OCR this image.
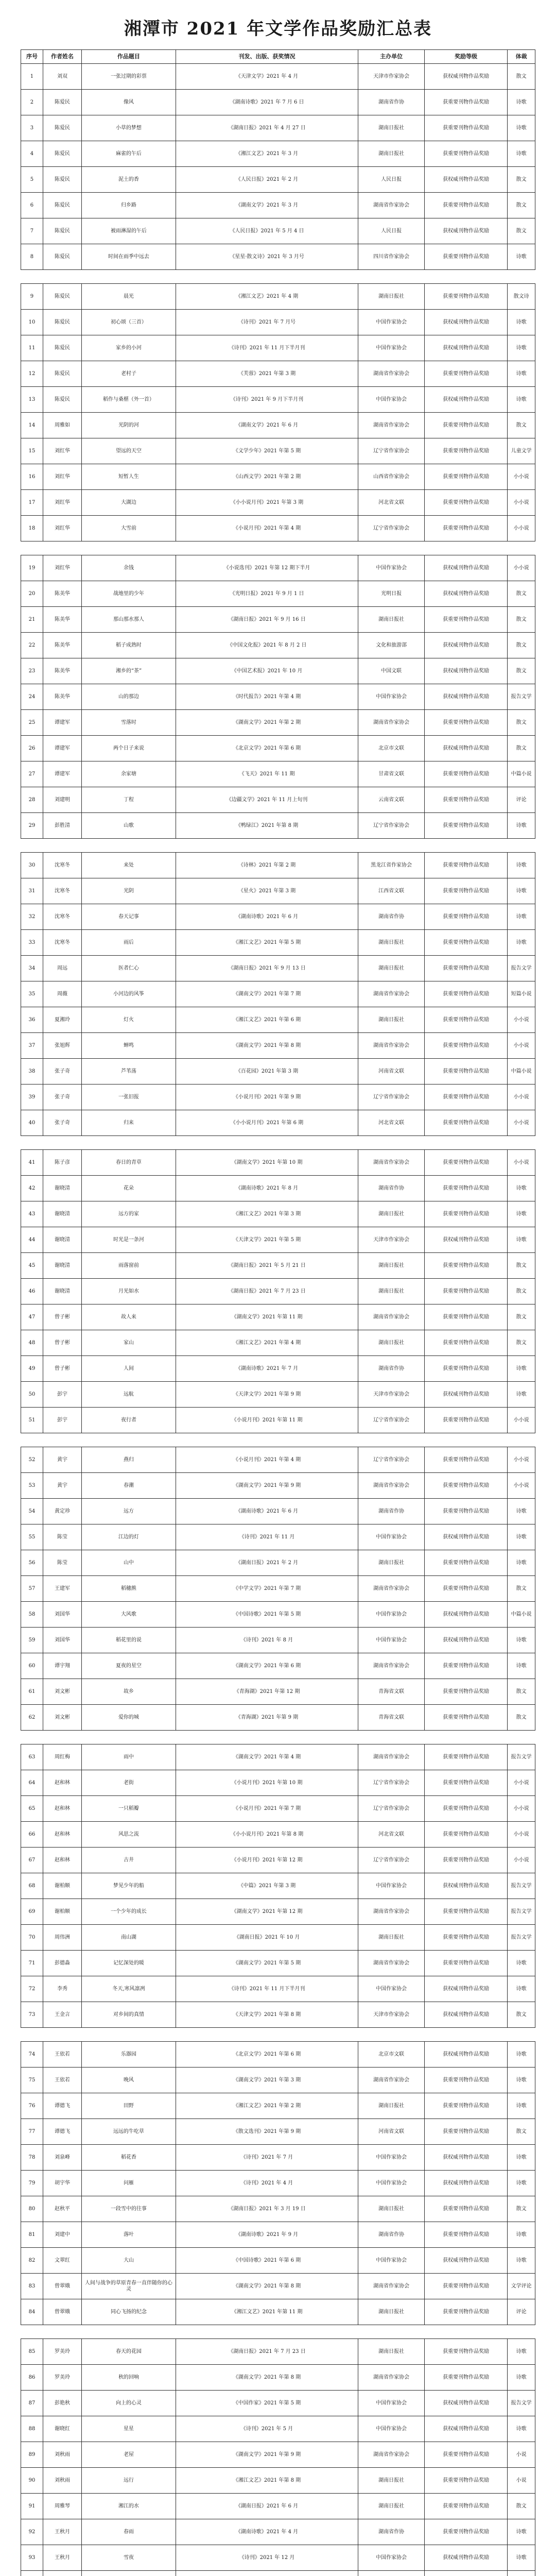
湘潭市 2021 年文学作品奖励汇总表
序号	作者姓名	作品题目	刊发、出版、获奖情况	主办单位	奖励等级	体裁
1	刘双	一张过期的彩票	《天津文学》2021 年 4 月	天津市作家协会	获权威刊物作品奖励	散文
2	陈爱民	像风	《湖南诗歌》2021 年 7 月 6 日	湖南省作协	获重要刊物作品奖励	诗歌
3	陈爱民	小草的梦想	《湖南日报》2021 年 4 月 27 日	湖南日报社	获重要刊物作品奖励	诗歌
4	陈爱民	麻雀的午后	《湘江文艺》2021 年 3 月	湖南日报社	获重要刊物作品奖励	诗歌
5	陈爱民	泥土的香	《人民日报》2021 年 2 月	人民日报	获权威刊物作品奖励	散文
6	陈爱民	归乡路	《湖南文学》2021 年 3 月	湖南省作家协会	获重要刊物作品奖励	散文
7	陈爱民	被雨淋湿的午后	《人民日报》2021 年 5 月 4 日	人民日报	获权威刊物作品奖励	散文
8	陈爱民	时间在雨季中远去	《星星·散文诗》2021 年 3 月号	四川省作家协会	获重要刊物作品奖励	诗歌

9	陈爱民	晨光	《湘江文艺》2021 年 4 期	湖南日报社	获重要刊物作品奖励	散文诗
10	陈爱民	初心颂（三首）	《诗刊》2021 年 7 月号	中国作家协会	获权威刊物作品奖励	诗歌
11	陈爱民	家乡的小河	《诗刊》2021 年 11 月下半月刊	中国作家协会	获权威刊物作品奖励	诗歌
12	陈爱民	老村子	《芙蓉》2021 年第 3 期	湖南省作家协会	获重要刊物作品奖励	诗歌
13	陈爱民	稻作与桑椹（外一首）	《诗刊》2021 年 9 月下半月刊	中国作家协会	获权威刊物作品奖励	诗歌
14	周雅如	光阴的河	《湖南文学》2021 年 6 月	湖南省作家协会	获重要刊物作品奖励	散文
15	刘红华	望远的天空	《文学少年》2021 年第 5 期	辽宁省作家协会	获重要刊物作品奖励	儿童文学
16	刘红华	短暂人生	《山西文学》2021 年第 2 期	山西省作家协会	获重要刊物作品奖励	小小说
17	刘红华	大湖边	《小小说月刊》2021 年第 3 期	河北省文联	获重要刊物作品奖励	小小说
18	刘红华	大雪前	《小说月刊》2021 年第 4 期	辽宁省作家协会	获重要刊物作品奖励	小小说

19	刘红华	余钱	《小说选刊》2021 年第 12 期下半月	中国作家协会	获权威刊物作品奖励	小小说
20	陈美华	战地里的少年	《光明日报》2021 年 9 月 1 日	光明日报	获权威刊物作品奖励	散文
21	陈美华	那山那水那人	《湖南日报》2021 年 9 月 16 日	湖南日报社	获重要刊物作品奖励	散文
22	陈美华	稻子成熟时	《中国文化报》2021 年 8 月 2 日	文化和旅游部	获权威刊物作品奖励	散文
23	陈美华	湘乡的“茶”	《中国艺术报》2021 年 10 月	中国文联	获权威刊物作品奖励	散文
24	陈美华	山的那边	《时代报告》2021 年第 4 期	中国作家协会	获权威刊物作品奖励	报告文学
25	谭建军	雪落时	《湖南文学》2021 年第 2 期	湖南省作家协会	获重要刊物作品奖励	散文
26	谭建军	两个日子来说	《北京文学》2021 年第 6 期	北京市文联	获权威刊物作品奖励	散文
27	谭建军	余家塘	《飞天》2021 年 11 期	甘肃省文联	获重要刊物作品奖励	中篇小说
28	刘建明	丁程	《边疆文学》2021 年 11 月上旬刊	云南省文联	获重要刊物作品奖励	评论
29	彭胜清	山歌	《鸭绿江》2021 年第 8 期	辽宁省作家协会	获重要刊物作品奖励	诗歌

30	沈寒冬	来处	《诗林》2021 年第 2 期	黑龙江省作家协会	获重要刊物作品奖励	诗歌
31	沈寒冬	光阴	《星火》2021 年第 3 期	江西省文联	获重要刊物作品奖励	诗歌
32	沈寒冬	春天记事	《湖南诗歌》2021 年 6 月	湖南省作协	获重要刊物作品奖励	诗歌
33	沈寒冬	雨后	《湘江文艺》2021 年第 5 期	湖南日报社	获重要刊物作品奖励	诗歌
34	周远	医者仁心	《湖南日报》2021 年 9 月 13 日	湖南日报社	获重要刊物作品奖励	报告文学
35	周薇	小河边的风筝	《湖南文学》2021 年第 7 期	湖南省作家协会	获重要刊物作品奖励	短篇小说
36	夏湘玲	灯火	《湘江文艺》2021 年第 6 期	湖南日报社	获重要刊物作品奖励	小小说
37	张旭辉	蝉鸣	《湖南文学》2021 年第 8 期	湖南省作家协会	获重要刊物作品奖励	小小说
38	张子奇	芦苇荡	《百花园》2021 年第 3 期	河南省文联	获重要刊物作品奖励	中篇小说
39	张子奇	一张旧报	《小说月刊》2021 年第 9 期	辽宁省作家协会	获重要刊物作品奖励	小小说
40	张子奇	归来	《小小说月刊》2021 年第 6 期	河北省文联	获重要刊物作品奖励	小小说

41	陈子彦	春日的青草	《湖南文学》2021 年第 10 期	湖南省作家协会	获重要刊物作品奖励	小小说
42	谢晓清	花朵	《湖南诗歌》2021 年 8 月	湖南省作协	获重要刊物作品奖励	诗歌
43	谢晓清	远方的家	《湘江文艺》2021 年第 3 期	湖南日报社	获重要刊物作品奖励	诗歌
44	谢晓清	时光是一条河	《天津文学》2021 年第 5 期	天津市作家协会	获权威刊物作品奖励	诗歌
45	谢晓清	雨落窗前	《湖南日报》2021 年 5 月 21 日	湖南日报社	获重要刊物作品奖励	散文
46	谢晓清	月光如水	《湖南日报》2021 年 7 月 23 日	湖南日报社	获重要刊物作品奖励	散文
47	曾子彬	故人来	《湖南文学》2021 年第 11 期	湖南省作家协会	获重要刊物作品奖励	散文
48	曾子彬	家山	《湘江文艺》2021 年第 4 期	湖南日报社	获重要刊物作品奖励	散文
49	曾子彬	人间	《湖南诗歌》2021 年 7 月	湖南省作协	获重要刊物作品奖励	诗歌
50	彭宇	远航	《天津文学》2021 年第 9 期	天津市作家协会	获权威刊物作品奖励	诗歌
51	彭宇	夜行者	《小说月刊》2021 年第 11 期	辽宁省作家协会	获重要刊物作品奖励	小小说

52	黄宇	燕归	《小说月刊》2021 年第 4 期	辽宁省作家协会	获重要刊物作品奖励	小小说
53	黄宇	春潮	《湖南文学》2021 年第 9 期	湖南省作家协会	获重要刊物作品奖励	小小说
54	黄定珍	远方	《湖南诗歌》2021 年 6 月	湖南省作协	获重要刊物作品奖励	诗歌
55	陈莹	江边的灯	《诗刊》2021 年 11 月	中国作家协会	获权威刊物作品奖励	诗歌
56	陈莹	山中	《湖南日报》2021 年 2 月	湖南日报社	获重要刊物作品奖励	诗歌
57	王建军	稻穗熊	《中学文学》2021 年第 7 期	湖南省作家协会	获重要刊物作品奖励	散文
58	刘国华	大风歌	《中国诗歌》2021 年第 5 期	中国作家协会	获权威刊物作品奖励	中篇小说
59	刘国华	稻花里的说	《诗刊》2021 年 8 月	中国作家协会	获权威刊物作品奖励	诗歌
60	谭宇翔	夏夜的星空	《湖南文学》2021 年第 6 期	湖南省作家协会	获重要刊物作品奖励	诗歌
61	刘文彬	故乡	《青海湖》2021 年第 12 期	青海省文联	获重要刊物作品奖励	散文
62	刘文彬	爱你的城	《青海湖》2021 年第 9 期	青海省文联	获重要刊物作品奖励	散文

63	周红梅	雨中	《湖南文学》2021 年第 4 期	湖南省作家协会	获重要刊物作品奖励	报告文学
64	赵和林	老街	《小说月刊》2021 年第 10 期	辽宁省作家协会	获重要刊物作品奖励	小小说
65	赵和林	一只稻瓣	《小说月刊》2021 年第 7 期	辽宁省作家协会	获重要刊物作品奖励	小小说
66	赵和林	风思之流	《小小说月刊》2021 年第 8 期	河北省文联	获重要刊物作品奖励	小小说
67	赵和林	古井	《小说月刊》2021 年第 12 期	辽宁省作家协会	获重要刊物作品奖励	小小说
68	谢柏顺	梦见少年的船	《中篇》2021 年第 3 期	中国作家协会	获权威刊物作品奖励	报告文学
69	谢柏顺	一个少年的成长	《湖南文学》2021 年第 12 期	湖南省作家协会	获重要刊物作品奖励	报告文学
70	周伟洲	南山湖	《湖南日报》2021 年 10 月	湖南日报社	获重要刊物作品奖励	报告文学
71	彭德淼	记忆深处的暖	《湖南文学》2021 年第 5 期	湖南省作家协会	获重要刊物作品奖励	诗歌
72	李秀	冬天,寒风凛冽	《诗刊》2021 年 11 月下半月刊	中国作家协会	获权威刊物作品奖励	诗歌
73	王金言	对乡间的真情	《天津文学》2021 年第 8 期	天津市作家协会	获权威刊物作品奖励	散文

74	王依若	乐器园	《北京文学》2021 年第 6 期	北京市文联	获权威刊物作品奖励	诗歌
75	王依若	晚风	《湖南文学》2021 年第 3 期	湖南省作家协会	获重要刊物作品奖励	诗歌
76	谭德飞	田野	《湘江文艺》2021 年第 2 期	湖南日报社	获重要刊物作品奖励	诗歌
77	谭德飞	远远的牛吃草	《散文选刊》2021 年第 9 期	河南省文联	获重要刊物作品奖励	散文
78	刘泉峰	稻花香	《诗刊》2021 年 7 月	中国作家协会	获权威刊物作品奖励	诗歌
79	胡宇华	问雁	《诗刊》2021 年 4 月	中国作家协会	获权威刊物作品奖励	诗歌
80	赵秋平	一段雪中的往事	《湖南日报》2021 年 3 月 19 日	湖南日报社	获重要刊物作品奖励	散文
81	刘建中	落叶	《湖南诗歌》2021 年 9 月	湖南省作协	获重要刊物作品奖励	诗歌
82	文翠红	大山	《中国诗歌》2021 年第 6 期	中国作家协会	获权威刊物作品奖励	诗歌
83	曾翠娥	人间与战争的草原青春一直伴随你的心灵	《湖南文学》2021 年第 8 期	湖南省作家协会	获重要刊物作品奖励	文学评论
84	曾翠娥	同心飞扬的纪念	《湘江文艺》2021 年第 11 期	湖南日报社	获重要刊物作品奖励	评论

85	罗美玲	春天的花园	《湖南日报》2021 年 7 月 23 日	湖南日报社	获重要刊物作品奖励	诗歌
86	罗美玲	秋的回响	《湖南文学》2021 年第 8 期	湖南省作家协会	获重要刊物作品奖励	诗歌
87	彭艳秋	向上的心灵	《中国作家》2021 年第 5 期	中国作家协会	获权威刊物作品奖励	报告文学
88	谢晓红	星星	《诗刊》2021 年 5 月	中国作家协会	获权威刊物作品奖励	诗歌
89	刘秋雨	老屋	《湖南文学》2021 年第 9 期	湖南省作家协会	获重要刊物作品奖励	小说
90	刘秋雨	远行	《湘江文艺》2021 年第 8 期	湖南日报社	获重要刊物作品奖励	小说
91	周雅琴	湘江的水	《湖南日报》2021 年 6 月	湖南日报社	获重要刊物作品奖励	散文
92	王秋月	春雨	《湖南诗歌》2021 年 4 月	湖南省作协	获重要刊物作品奖励	诗歌
93	王秋月	雪夜	《诗刊》2021 年 12 月	中国作家协会	获权威刊物作品奖励	诗歌
